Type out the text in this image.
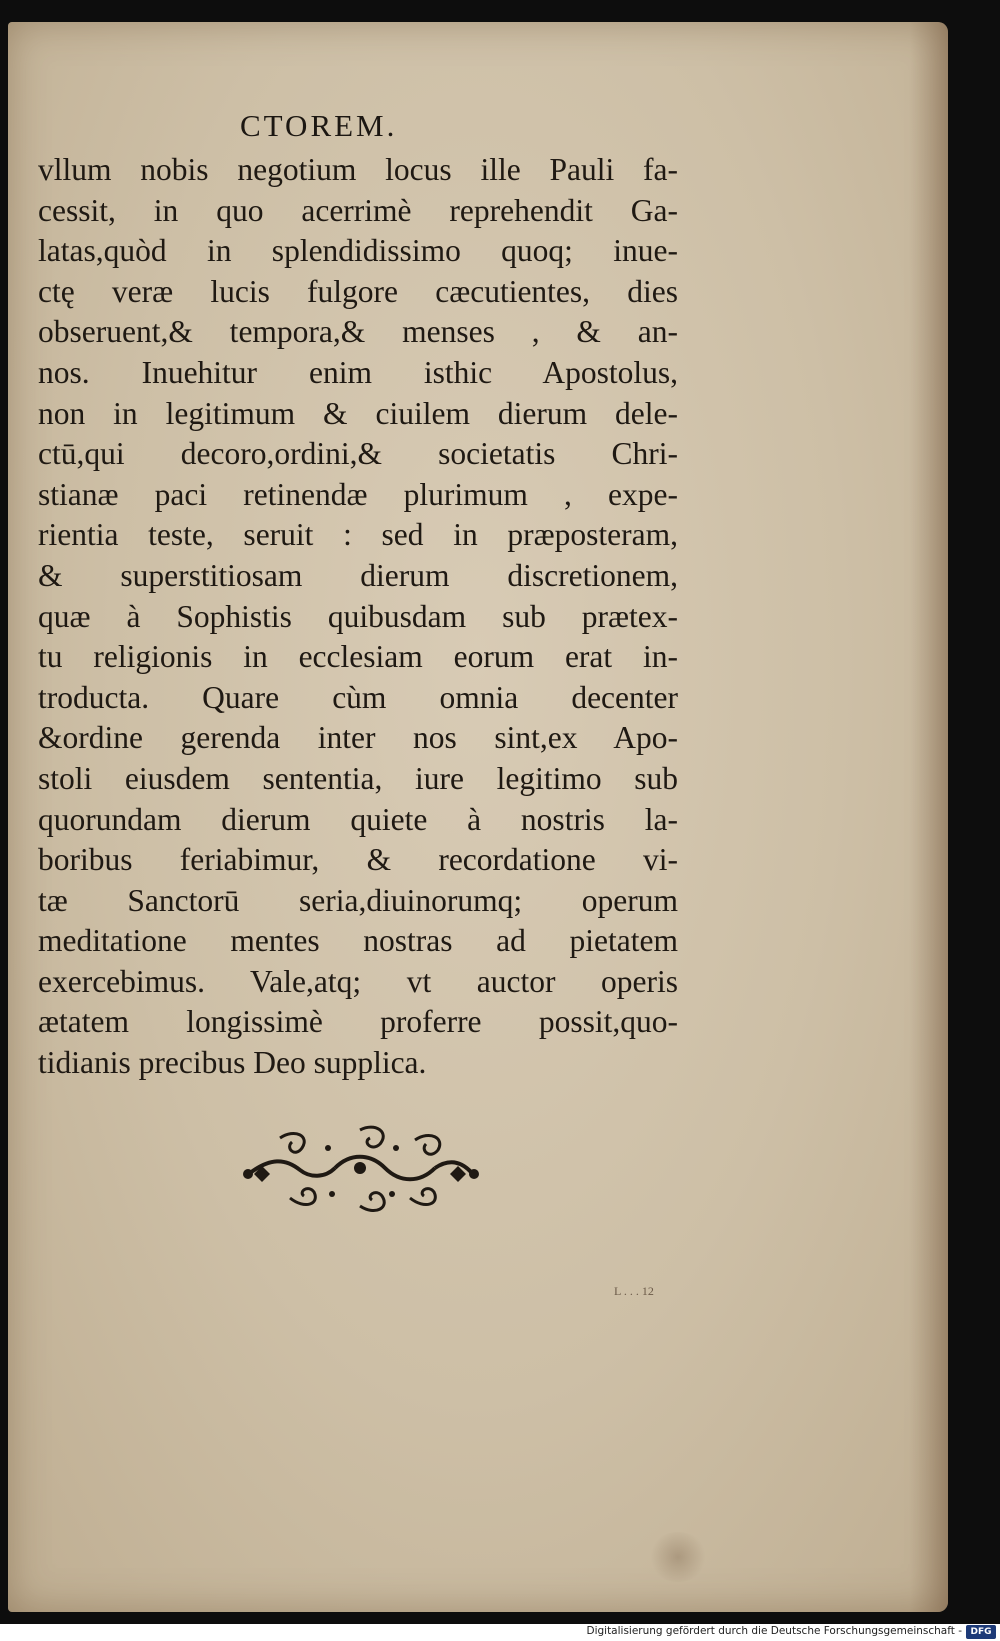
CTOREM.
vllum nobis negotium locus ille Pauli fa-
cessit, in quo acerrimè reprehendit Ga-
latas,quòd in splendidissimo quoq; inue-
ctę veræ lucis fulgore cæcutientes, dies
obseruent,& tempora,& menses , & an-
nos. Inuehitur enim isthic Apostolus,
non in legitimum & ciuilem dierum dele-
ctū,qui decoro,ordini,& societatis Chri-
stianæ paci retinendæ plurimum , expe-
rientia teste, seruit : sed in præposteram,
& superstitiosam dierum discretionem,
quæ à Sophistis quibusdam sub prætex-
tu religionis in ecclesiam eorum erat in-
troducta. Quare cùm omnia decenter
&ordine gerenda inter nos sint,ex Apo-
stoli eiusdem sententia, iure legitimo sub
quorundam dierum quiete à nostris la-
boribus feriabimur, & recordatione vi-
tæ Sanctorū seria,diuinorumq; operum
meditatione mentes nostras ad pietatem
exercebimus. Vale,atq; vt auctor operis
ætatem longissimè proferre possit,quo-
tidianis precibus Deo supplica.
L . . . 12
Digitalisierung gefördert durch die Deutsche Forschungsgemeinschaft - DFG
